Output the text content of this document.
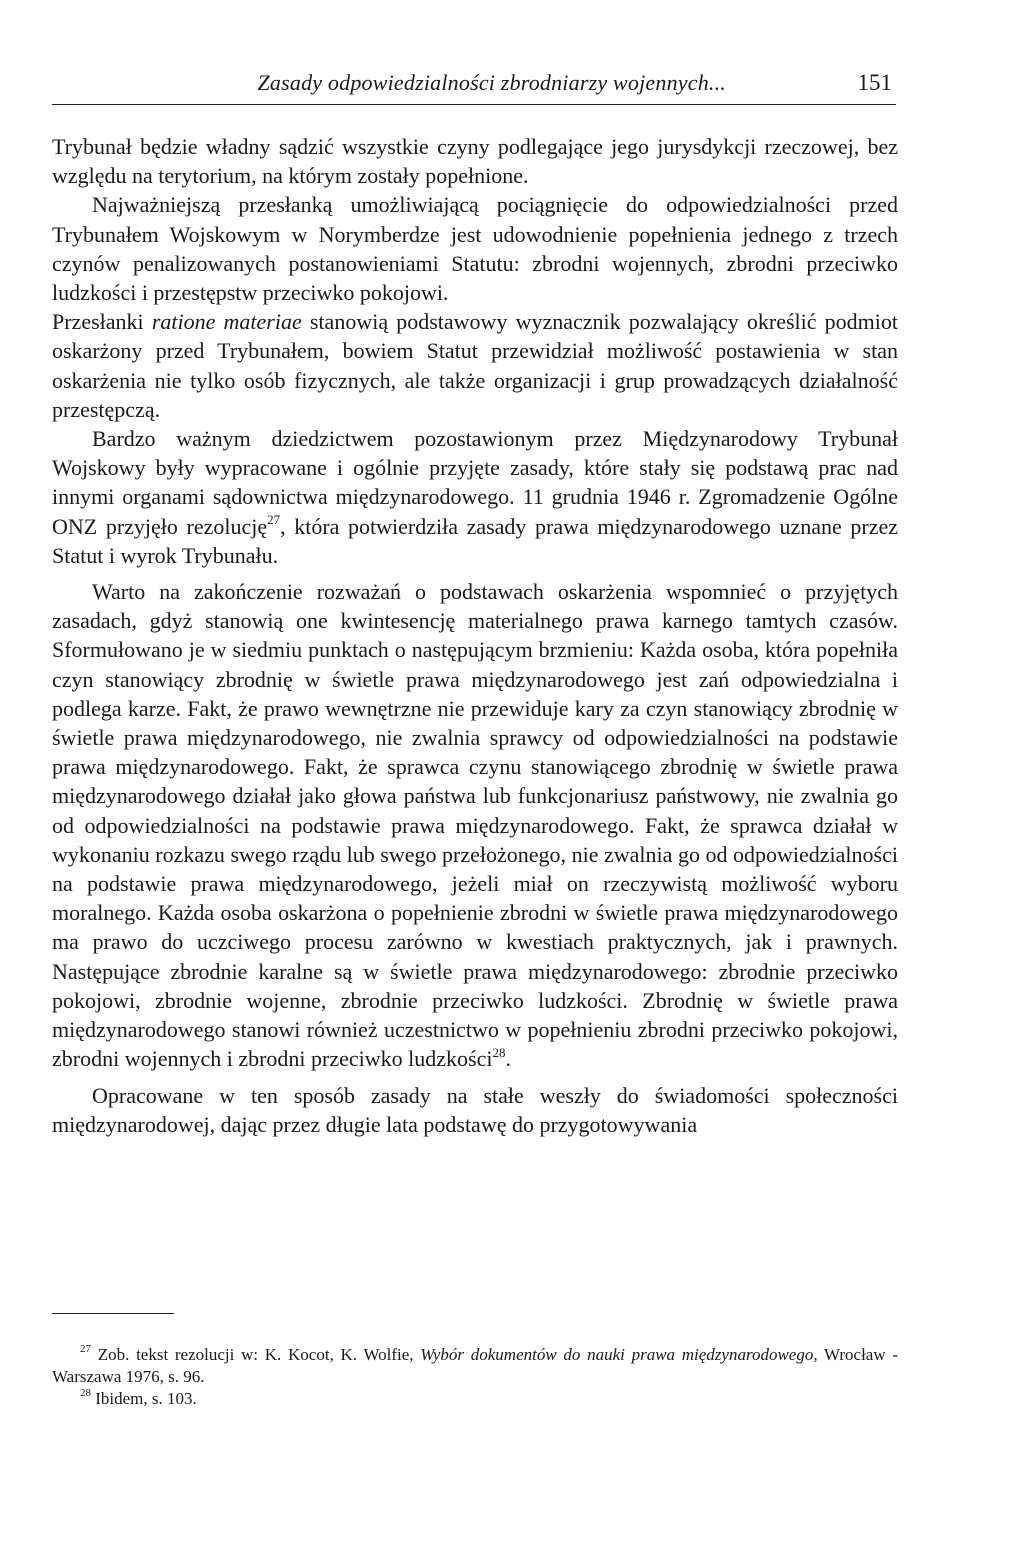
Zasady odpowiedzialności zbrodniarzy wojennych...	151

Trybunał będzie władny sądzić wszystkie czyny podlegające jego jurysdykcji rzeczowej, bez względu na terytorium, na którym zostały popełnione.

Najważniejszą przesłanką umożliwiającą pociągnięcie do odpowiedzialności przed Trybunałem Wojskowym w Norymberdze jest udowodnienie popełnienia jednego z trzech czynów penalizowanych postanowieniami Statutu: zbrodni wojennych, zbrodni przeciwko ludzkości i przestępstw przeciwko pokojowi.

Przesłanki ratione materiae stanowią podstawowy wyznacznik pozwalający określić podmiot oskarżony przed Trybunałem, bowiem Statut przewidział możliwość postawienia w stan oskarżenia nie tylko osób fizycznych, ale także organizacji i grup prowadzących działalność przestępczą.

Bardzo ważnym dziedzictwem pozostawionym przez Międzynarodowy Trybunał Wojskowy były wypracowane i ogólnie przyjęte zasady, które stały się podstawą prac nad innymi organami sądownictwa międzynarodowego. 11 grudnia 1946 r. Zgromadzenie Ogólne ONZ przyjęło rezolucję$^{27}$, która potwierdziła zasady prawa międzynarodowego uznane przez Statut i wyrok Trybunału.

Warto na zakończenie rozważań o podstawach oskarżenia wspomnieć o przyjętych zasadach, gdyż stanowią one kwintesencję materialnego prawa karnego tamtych czasów. Sformułowano je w siedmiu punktach o następującym brzmieniu: Każda osoba, która popełniła czyn stanowiący zbrodnię w świetle prawa międzynarodowego jest zań odpowiedzialna i podlega karze. Fakt, że prawo wewnętrzne nie przewiduje kary za czyn stanowiący zbrodnię w świetle prawa międzynarodowego, nie zwalnia sprawcy od odpowiedzialności na podstawie prawa międzynarodowego. Fakt, że sprawca czynu stanowiącego zbrodnię w świetle prawa międzynarodowego działał jako głowa państwa lub funkcjonariusz państwowy, nie zwalnia go od odpowiedzialności na podstawie prawa międzynarodowego. Fakt, że sprawca działał w wykonaniu rozkazu swego rządu lub swego przełożonego, nie zwalnia go od odpowiedzialności na podstawie prawa międzynarodowego, jeżeli miał on rzeczywistą możliwość wyboru moralnego. Każda osoba oskarżona o popełnienie zbrodni w świetle prawa międzynarodowego ma prawo do uczciwego procesu zarówno w kwestiach praktycznych, jak i prawnych. Następujące zbrodnie karalne są w świetle prawa międzynarodowego: zbrodnie przeciwko pokojowi, zbrodnie wojenne, zbrodnie przeciwko ludzkości. Zbrodnię w świetle prawa międzynarodowego stanowi również uczestnictwo w popełnieniu zbrodni przeciwko pokojowi, zbrodni wojennych i zbrodni przeciwko ludzkości$^{28}$.

Opracowane w ten sposób zasady na stałe weszły do świadomości społeczności międzynarodowej, dając przez długie lata podstawę do przygotowywania

$^{27}$ Zob. tekst rezolucji w: K. Kocot, K. Wolfie, Wybór dokumentów do nauki prawa międzynarodowego, Wrocław - Warszawa 1976, s. 96.

$^{28}$ Ibidem, s. 103.
